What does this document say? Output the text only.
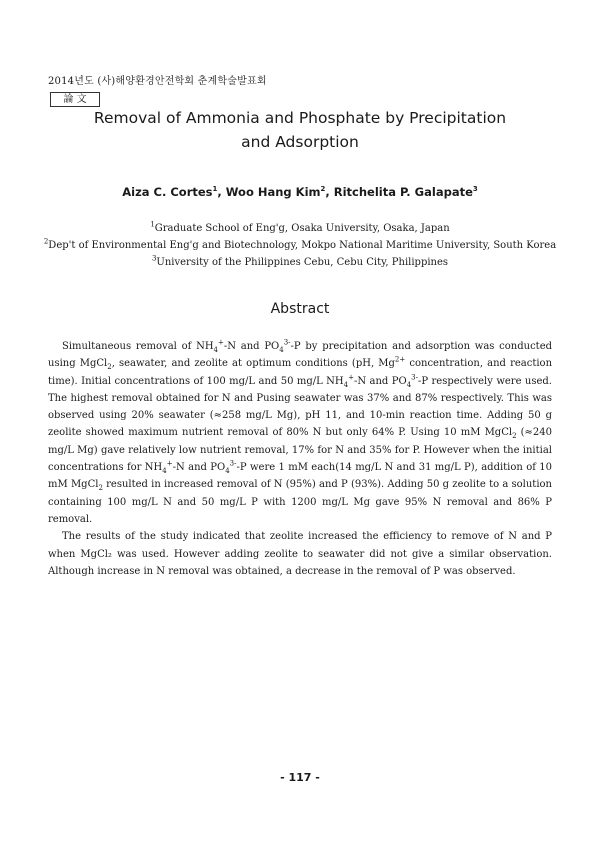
2014년도 (사)해양환경안전학회 춘계학술발표회
論 文
Removal of Ammonia and Phosphate by Precipitation
and Adsorption
Aiza C. Cortes$^1$, Woo Hang Kim$^2$, Ritchelita P. Galapate$^3$
$^1$Graduate School of Eng'g, Osaka University, Osaka, Japan
$^2$Dep't of Environmental Eng'g and Biotechnology, Mokpo National Maritime University, South Korea
$^3$University of the Philippines Cebu, Cebu City, Philippines
Abstract

Simultaneous removal of $NH_4^+-N$ and $PO_4^{3-}-P$ by precipitation and adsorption was conducted using MgCl$_2$, seawater, and zeolite at optimum conditions (pH, $Mg^{2+}$ concentration, and reaction time). Initial concentrations of 100 mg/L and 50 mg/L $NH_4^+-N$ and $PO_4^{3-}-P$ respectively were used. The highest removal obtained for N and Pusing seawater was 37% and 87% respectively. This was observed using 20% seawater (≈258 mg/L Mg), pH 11, and 10-min reaction time. Adding 50 g zeolite showed maximum nutrient removal of 80% N but only 64% P. Using 10 mM MgCl$_2$ (≈240 mg/L Mg) gave relatively low nutrient removal, 17% for N and 35% for P. However when the initial concentrations for $NH_4^+-N$ and $PO_4^{3-}-P$ were 1 mM each(14 mg/L N and 31 mg/L P), addition of 10 mM MgCl$_2$ resulted in increased removal of N (95%) and P (93%). Adding 50 g zeolite to a solution containing 100 mg/L N and 50 mg/L P with 1200 mg/L Mg gave 95% N removal and 86% P removal.

The results of the study indicated that zeolite increased the efficiency to remove of N and P when MgCl₂ was used. However adding zeolite to seawater did not give a similar observation. Although increase in N removal was obtained, a decrease in the removal of P was observed.

- 117 -
